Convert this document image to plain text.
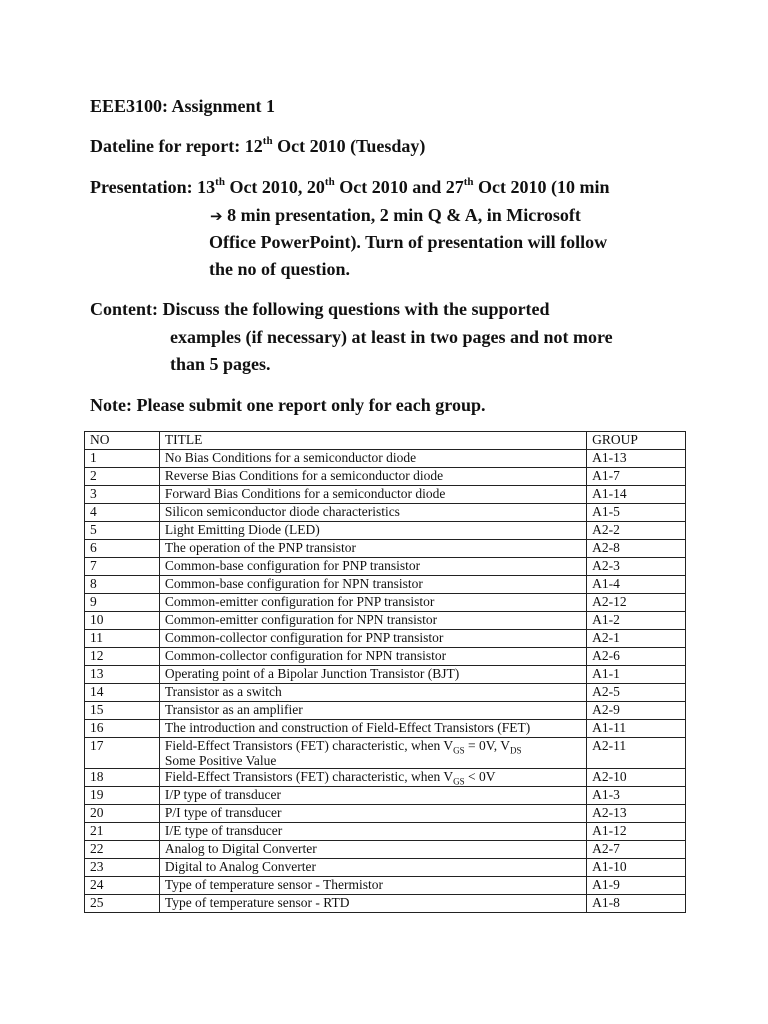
EEE3100: Assignment 1
Dateline for report: 12th Oct 2010 (Tuesday)
Presentation: 13th Oct 2010, 20th Oct 2010 and 27th Oct 2010 (10 min
➔ 8 min presentation, 2 min Q & A, in Microsoft
Office PowerPoint). Turn of presentation will follow
the no of question.
Content: Discuss the following questions with the supported
examples (if necessary) at least in two pages and not more
than 5 pages.
Note: Please submit one report only for each group.
NO	TITLE	GROUP
1	No Bias Conditions for a semiconductor diode	A1-13
2	Reverse Bias Conditions for a semiconductor diode	A1-7
3	Forward Bias Conditions for a semiconductor diode	A1-14
4	Silicon semiconductor diode characteristics	A1-5
5	Light Emitting Diode (LED)	A2-2
6	The operation of the PNP transistor	A2-8
7	Common-base configuration for PNP transistor	A2-3
8	Common-base configuration for NPN transistor	A1-4
9	Common-emitter configuration for PNP transistor	A2-12
10	Common-emitter configuration for NPN transistor	A1-2
11	Common-collector configuration for PNP transistor	A2-1
12	Common-collector configuration for NPN transistor	A2-6
13	Operating point of a Bipolar Junction Transistor (BJT)	A1-1
14	Transistor as a switch	A2-5
15	Transistor as an amplifier	A2-9
16	The introduction and construction of Field-Effect Transistors (FET)	A1-11
17	Field-Effect Transistors (FET) characteristic, when $V_{GS} = 0V$, $V_{DS}$
Some Positive Value	A2-11
18	Field-Effect Transistors (FET) characteristic, when $V_{GS} < 0V$	A2-10
19	I/P type of transducer	A1-3
20	P/I type of transducer	A2-13
21	I/E type of transducer	A1-12
22	Analog to Digital Converter	A2-7
23	Digital to Analog Converter	A1-10
24	Type of temperature sensor - Thermistor	A1-9
25	Type of temperature sensor - RTD	A1-8
